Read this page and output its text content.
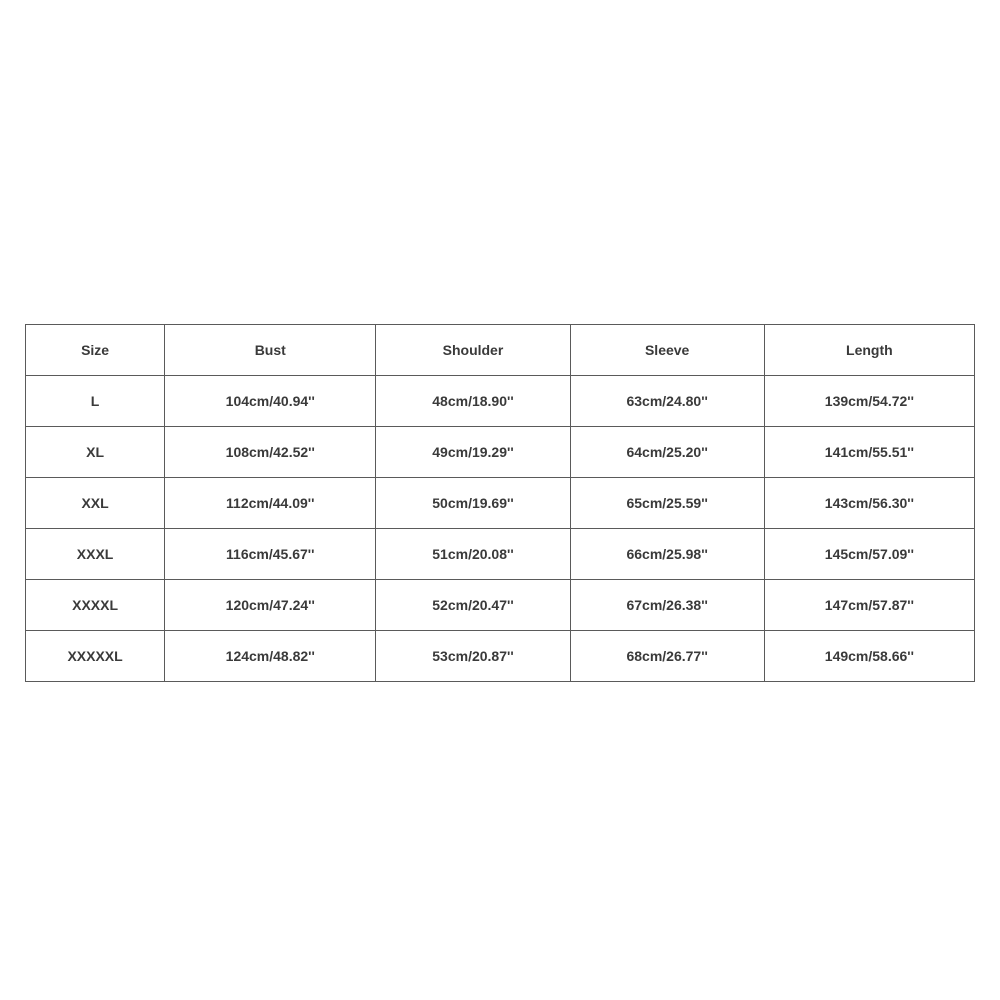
Size	Bust	Shoulder	Sleeve	Length
L	104cm/40.94''	48cm/18.90''	63cm/24.80''	139cm/54.72''
XL	108cm/42.52''	49cm/19.29''	64cm/25.20''	141cm/55.51''
XXL	112cm/44.09''	50cm/19.69''	65cm/25.59''	143cm/56.30''
XXXL	116cm/45.67''	51cm/20.08''	66cm/25.98''	145cm/57.09''
XXXXL	120cm/47.24''	52cm/20.47''	67cm/26.38''	147cm/57.87''
XXXXXL	124cm/48.82''	53cm/20.87''	68cm/26.77''	149cm/58.66''
